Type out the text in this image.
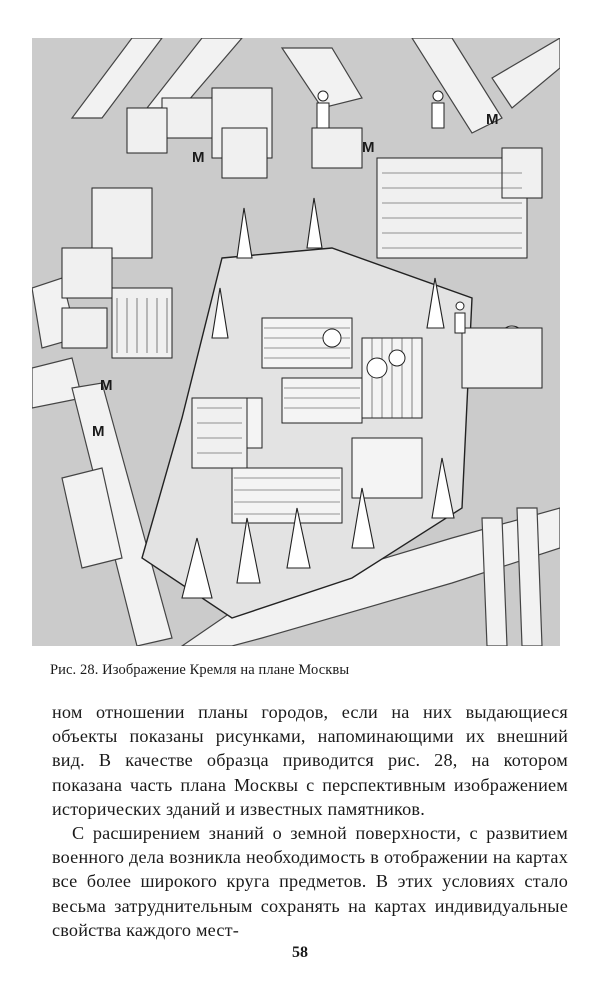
М
М
М
М
М
Рис. 28. Изображение Кремля на плане Москвы

ном отношении планы городов, если на них выдающиеся объекты показаны рисунками, напоминающими их внешний вид. В качестве образца приводится рис. 28, на котором показана часть плана Москвы с перспективным изображением исторических зданий и известных памятников.

С расширением знаний о земной поверхности, с развитием военного дела возникла необходимость в отображении на картах все более широкого круга предметов. В этих условиях стало весьма затруднительным сохранять на картах индивидуальные свойства каждого мест-

58
